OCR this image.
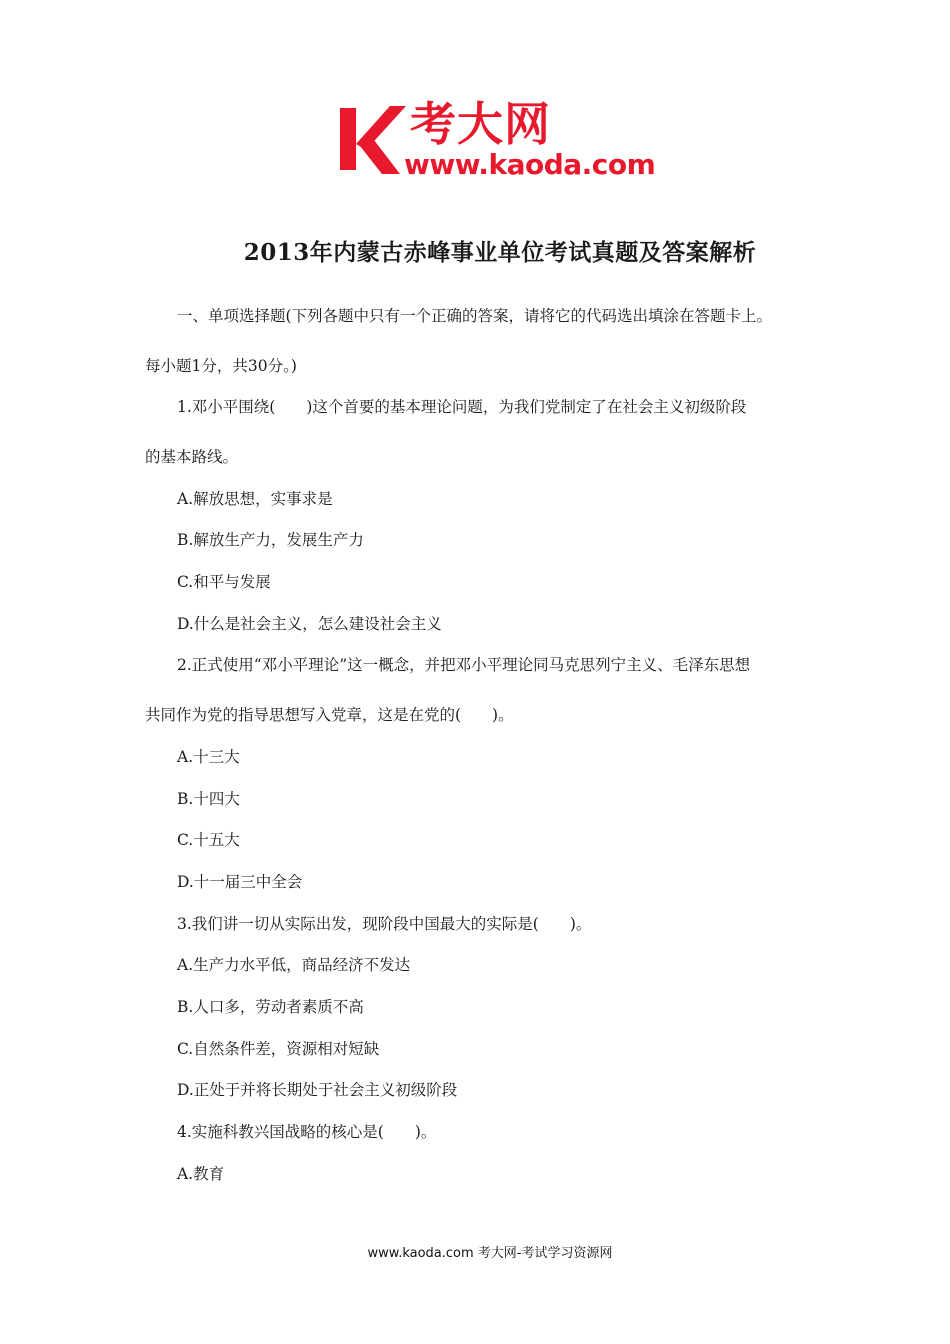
考大网
www.kaoda.com
2013年内蒙古赤峰事业单位考试真题及答案解析
一、单项选择题(下列各题中只有一个正确的答案，请将它的代码选出填涂在答题卡上。
每小题1分，共30分。)
1.邓小平围绕(　　)这个首要的基本理论问题，为我们党制定了在社会主义初级阶段
的基本路线。
A.解放思想，实事求是
B.解放生产力，发展生产力
C.和平与发展
D.什么是社会主义，怎么建设社会主义
2.正式使用“邓小平理论”这一概念，并把邓小平理论同马克思列宁主义、毛泽东思想
共同作为党的指导思想写入党章，这是在党的(　　)。
A.十三大
B.十四大
C.十五大
D.十一届三中全会
3.我们讲一切从实际出发，现阶段中国最大的实际是(　　)。
A.生产力水平低，商品经济不发达
B.人口多，劳动者素质不高
C.自然条件差，资源相对短缺
D.正处于并将长期处于社会主义初级阶段
4.实施科教兴国战略的核心是(　　)。
A.教育
www.kaoda.com 考大网-考试学习资源网
